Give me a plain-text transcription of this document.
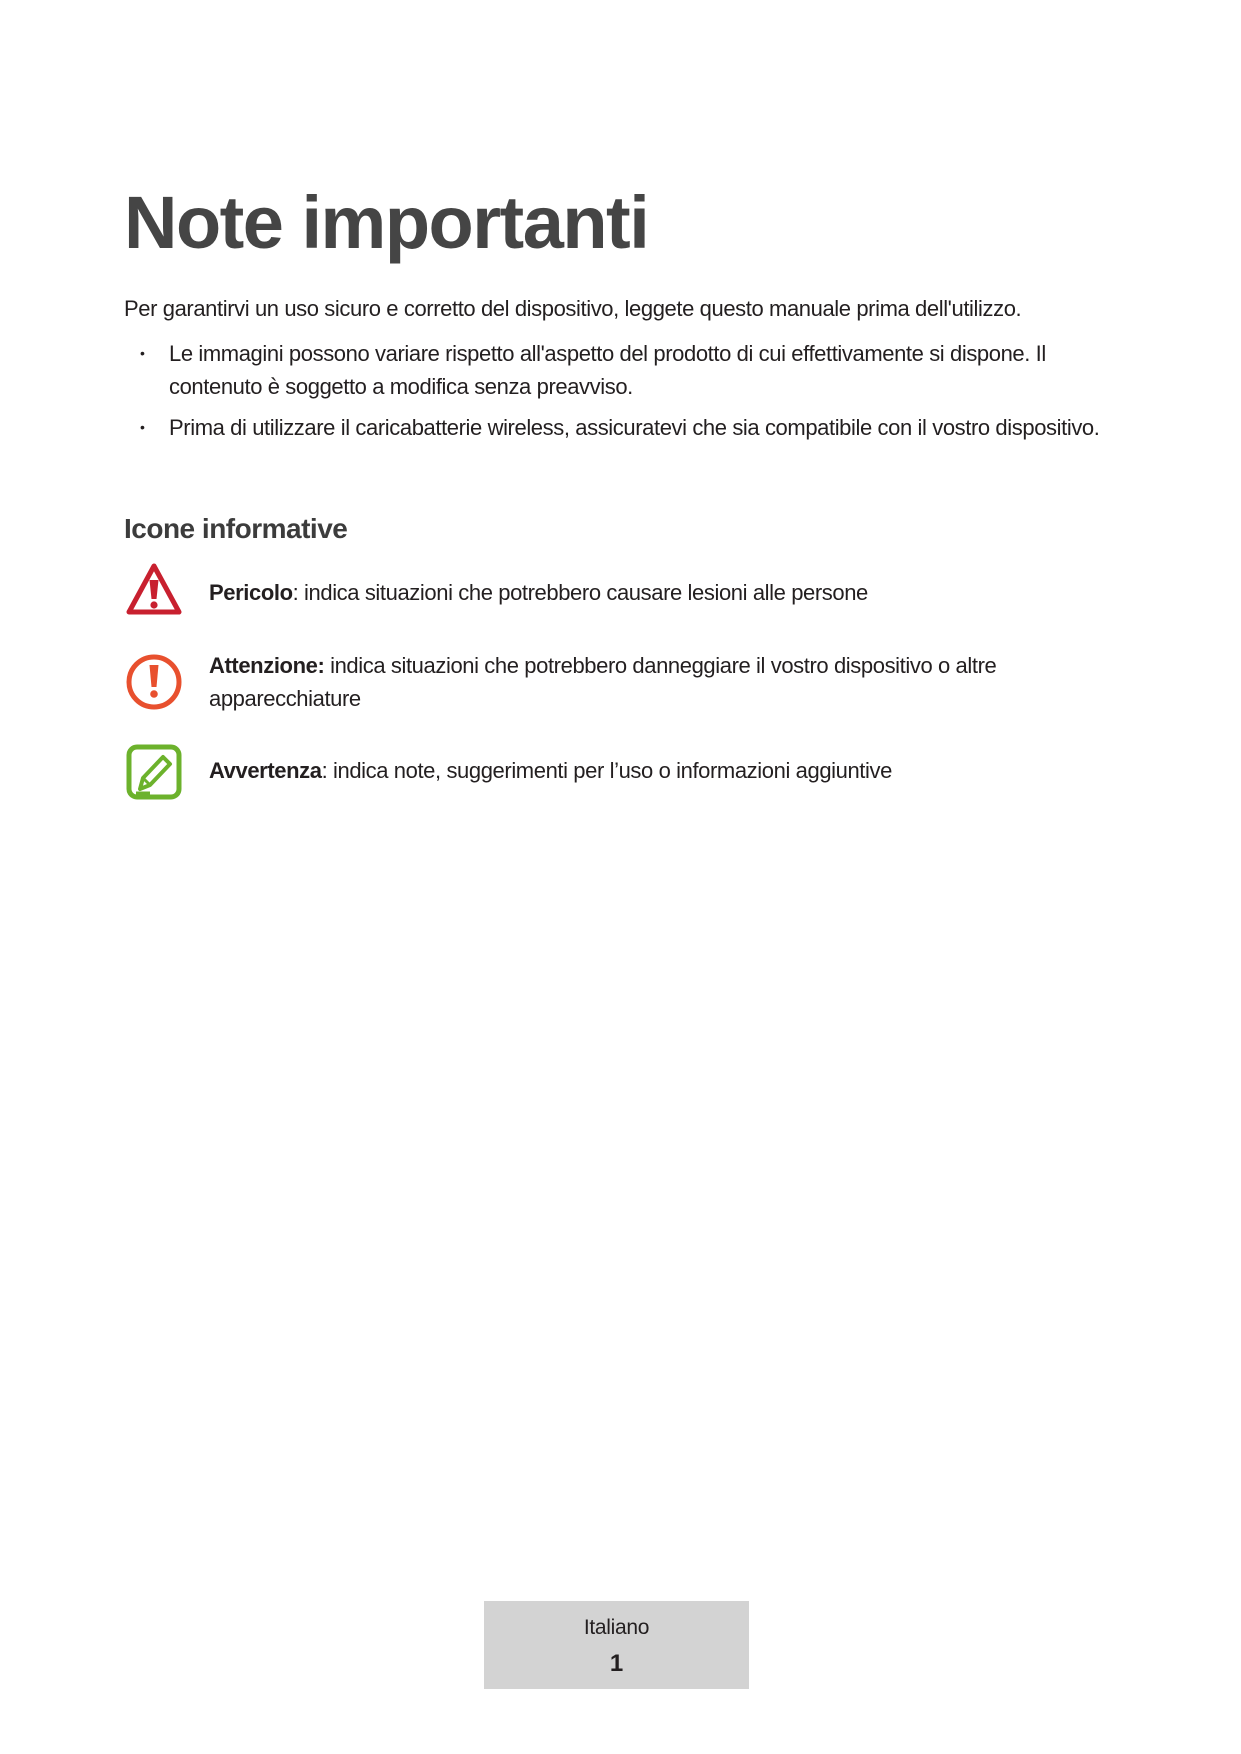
Note importanti

Per garantirvi un uso sicuro e corretto del dispositivo, leggete questo manuale prima dell'utilizzo.

• Le immagini possono variare rispetto all'aspetto del prodotto di cui effettivamente si dispone. Il contenuto è soggetto a modifica senza preavviso.
• Prima di utilizzare il caricabatterie wireless, assicuratevi che sia compatibile con il vostro dispositivo.
Icone informative

Pericolo: indica situazioni che potrebbero causare lesioni alle persone

Attenzione: indica situazioni che potrebbero danneggiare il vostro dispositivo o altre apparecchiature

Avvertenza: indica note, suggerimenti per l’uso o informazioni aggiuntive

Italiano
1
